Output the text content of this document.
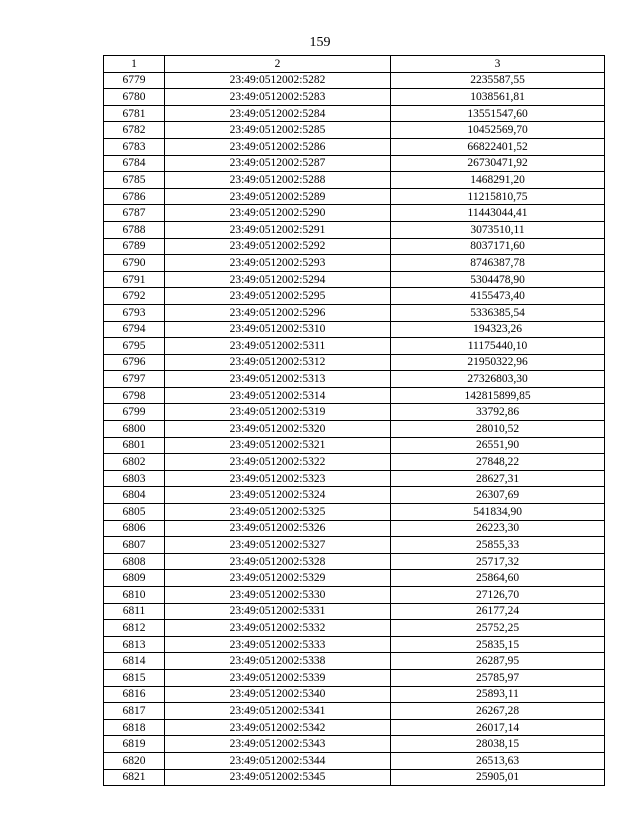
159
1	2	3
6779	23:49:0512002:5282	2235587,55
6780	23:49:0512002:5283	1038561,81
6781	23:49:0512002:5284	13551547,60
6782	23:49:0512002:5285	10452569,70
6783	23:49:0512002:5286	66822401,52
6784	23:49:0512002:5287	26730471,92
6785	23:49:0512002:5288	1468291,20
6786	23:49:0512002:5289	11215810,75
6787	23:49:0512002:5290	11443044,41
6788	23:49:0512002:5291	3073510,11
6789	23:49:0512002:5292	8037171,60
6790	23:49:0512002:5293	8746387,78
6791	23:49:0512002:5294	5304478,90
6792	23:49:0512002:5295	4155473,40
6793	23:49:0512002:5296	5336385,54
6794	23:49:0512002:5310	194323,26
6795	23:49:0512002:5311	11175440,10
6796	23:49:0512002:5312	21950322,96
6797	23:49:0512002:5313	27326803,30
6798	23:49:0512002:5314	142815899,85
6799	23:49:0512002:5319	33792,86
6800	23:49:0512002:5320	28010,52
6801	23:49:0512002:5321	26551,90
6802	23:49:0512002:5322	27848,22
6803	23:49:0512002:5323	28627,31
6804	23:49:0512002:5324	26307,69
6805	23:49:0512002:5325	541834,90
6806	23:49:0512002:5326	26223,30
6807	23:49:0512002:5327	25855,33
6808	23:49:0512002:5328	25717,32
6809	23:49:0512002:5329	25864,60
6810	23:49:0512002:5330	27126,70
6811	23:49:0512002:5331	26177,24
6812	23:49:0512002:5332	25752,25
6813	23:49:0512002:5333	25835,15
6814	23:49:0512002:5338	26287,95
6815	23:49:0512002:5339	25785,97
6816	23:49:0512002:5340	25893,11
6817	23:49:0512002:5341	26267,28
6818	23:49:0512002:5342	26017,14
6819	23:49:0512002:5343	28038,15
6820	23:49:0512002:5344	26513,63
6821	23:49:0512002:5345	25905,01
